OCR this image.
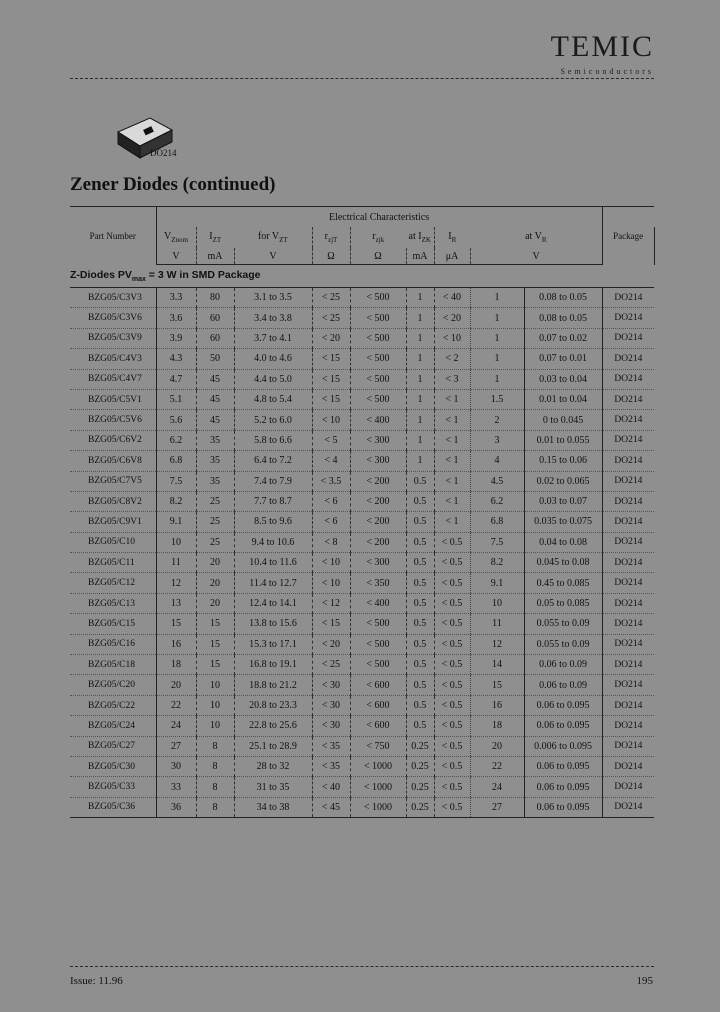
TEMIC
Semiconductors
DO214
Zener Diodes (continued)
Part Number	Electrical Characteristics									Package	
	$V_{Znom}$	$I_{ZT}$	for $V_{ZT}$	$r_{zjT}$	$r_{zjk}$	at $I_{ZK}$	$I_R$	at $V_R$	
	V	mA	V	Ω	Ω	mA	μA	V	
Z-Diodes $PV_{max} = 3$ W in SMD Package											
BZG05/C3V3	3.3	80	3.1 to 3.5	< 25	< 500	1	< 40	1	0.08 to 0.05	DO214	
BZG05/C3V6	3.6	60	3.4 to 3.8	< 25	< 500	1	< 20	1	0.08 to 0.05	DO214	
BZG05/C3V9	3.9	60	3.7 to 4.1	< 20	< 500	1	< 10	1	0.07 to 0.02	DO214	
BZG05/C4V3	4.3	50	4.0 to 4.6	< 15	< 500	1	< 2	1	0.07 to 0.01	DO214	
BZG05/C4V7	4.7	45	4.4 to 5.0	< 15	< 500	1	< 3	1	0.03 to 0.04	DO214	
BZG05/C5V1	5.1	45	4.8 to 5.4	< 15	< 500	1	< 1	1.5	0.01 to 0.04	DO214	
BZG05/C5V6	5.6	45	5.2 to 6.0	< 10	< 400	1	< 1	2	0 to 0.045	DO214	
BZG05/C6V2	6.2	35	5.8 to 6.6	< 5	< 300	1	< 1	3	0.01 to 0.055	DO214	
BZG05/C6V8	6.8	35	6.4 to 7.2	< 4	< 300	1	< 1	4	0.15 to 0.06	DO214	
BZG05/C7V5	7.5	35	7.4 to 7.9	< 3.5	< 200	0.5	< 1	4.5	0.02 to 0.065	DO214	
BZG05/C8V2	8.2	25	7.7 to 8.7	< 6	< 200	0.5	< 1	6.2	0.03 to 0.07	DO214	
BZG05/C9V1	9.1	25	8.5 to 9.6	< 6	< 200	0.5	< 1	6.8	0.035 to 0.075	DO214	
BZG05/C10	10	25	9.4 to 10.6	< 8	< 200	0.5	< 0.5	7.5	0.04 to 0.08	DO214	
BZG05/C11	11	20	10.4 to 11.6	< 10	< 300	0.5	< 0.5	8.2	0.045 to 0.08	DO214	
BZG05/C12	12	20	11.4 to 12.7	< 10	< 350	0.5	< 0.5	9.1	0.45 to 0.085	DO214	
BZG05/C13	13	20	12.4 to 14.1	< 12	< 400	0.5	< 0.5	10	0.05 to 0.085	DO214	
BZG05/C15	15	15	13.8 to 15.6	< 15	< 500	0.5	< 0.5	11	0.055 to 0.09	DO214	
BZG05/C16	16	15	15.3 to 17.1	< 20	< 500	0.5	< 0.5	12	0.055 to 0.09	DO214	
BZG05/C18	18	15	16.8 to 19.1	< 25	< 500	0.5	< 0.5	14	0.06 to 0.09	DO214	
BZG05/C20	20	10	18.8 to 21.2	< 30	< 600	0.5	< 0.5	15	0.06 to 0.09	DO214	
BZG05/C22	22	10	20.8 to 23.3	< 30	< 600	0.5	< 0.5	16	0.06 to 0.095	DO214	
BZG05/C24	24	10	22.8 to 25.6	< 30	< 600	0.5	< 0.5	18	0.06 to 0.095	DO214	
BZG05/C27	27	8	25.1 to 28.9	< 35	< 750	0.25	< 0.5	20	0.006 to 0.095	DO214	
BZG05/C30	30	8	28 to 32	< 35	< 1000	0.25	< 0.5	22	0.06 to 0.095	DO214	
BZG05/C33	33	8	31 to 35	< 40	< 1000	0.25	< 0.5	24	0.06 to 0.095	DO214	
BZG05/C36	36	8	34 to 38	< 45	< 1000	0.25	< 0.5	27	0.06 to 0.095	DO214	
Issue: 11.96	195
